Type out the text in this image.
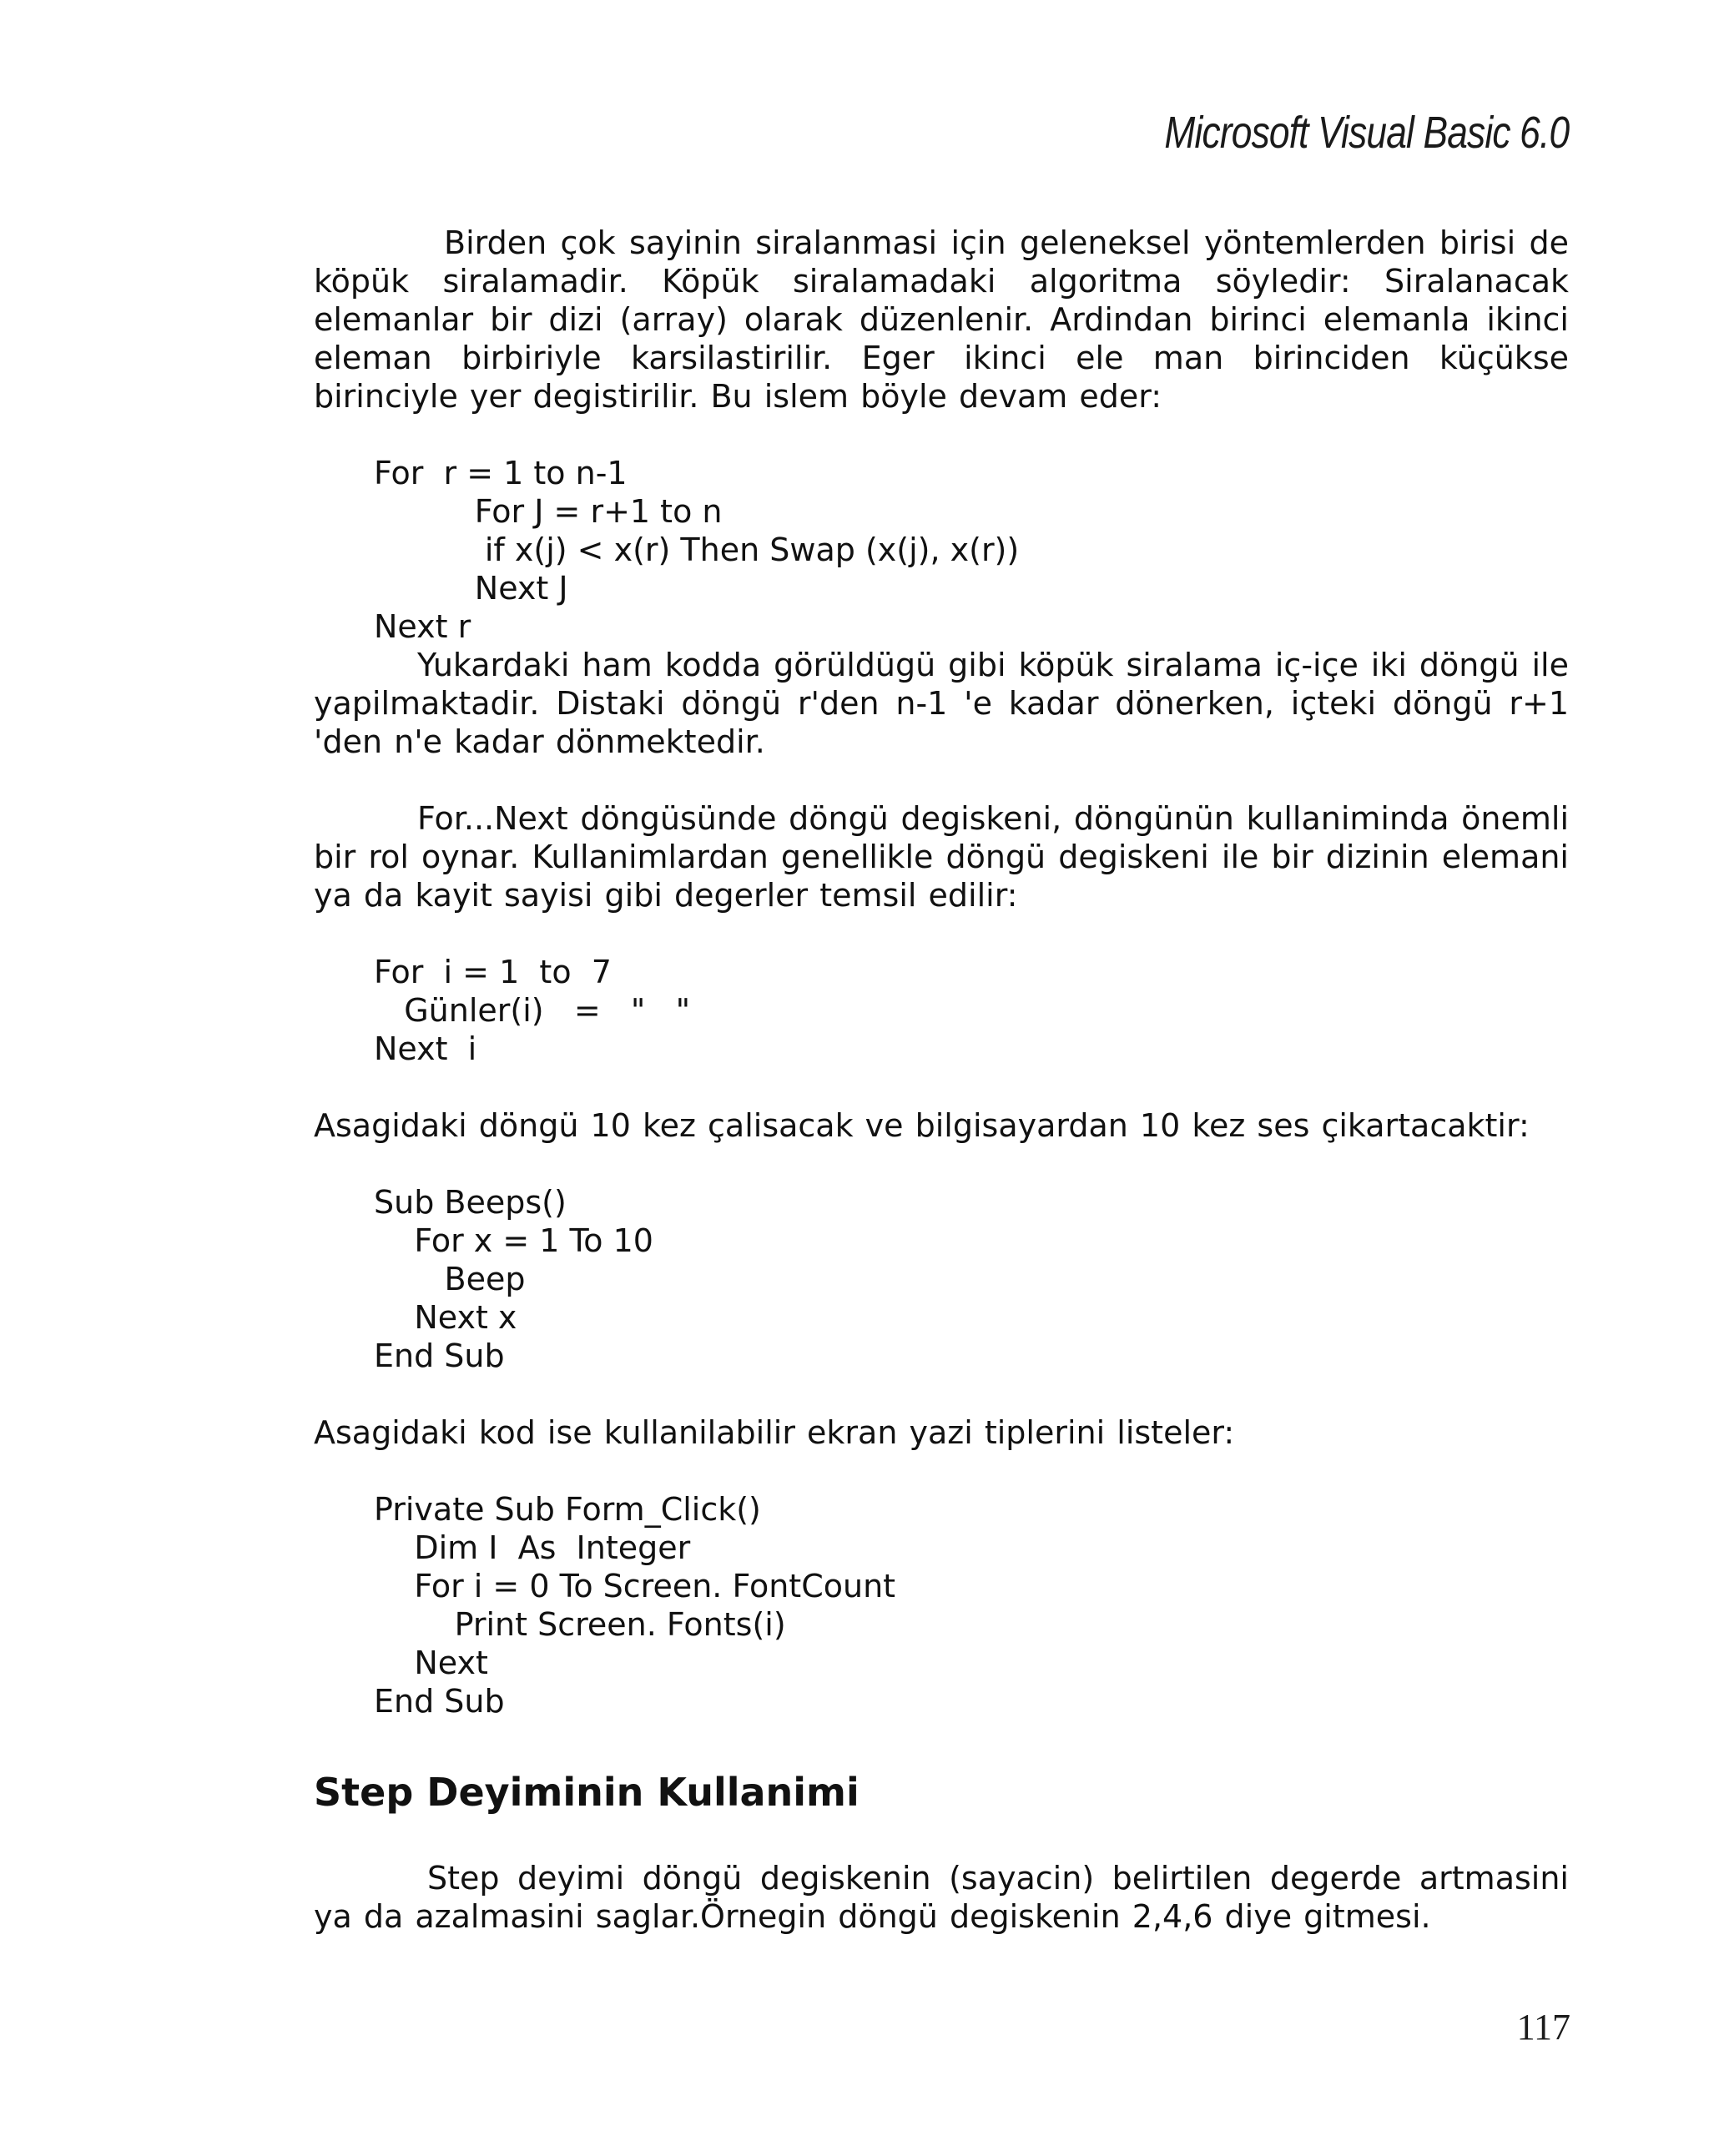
Microsoft Visual Basic 6.0

Birden çok sayinin siralanmasi için geleneksel yöntemlerden birisi de köpük siralamadir. Köpük siralamadaki algoritma söyledir: Siralanacak elemanlar bir dizi (array) olarak düzenlenir. Ardindan birinci elemanla ikinci eleman birbiriyle karsilastirilir. Eger ikinci ele man birinciden küçükse birinciyle yer degistirilir. Bu islem böyle devam eder:

For  r = 1 to n-1
For J = r+1 to n
if x(j) < x(r) Then Swap (x(j), x(r))
Next J
Next r

Yukardaki ham kodda görüldügü gibi köpük siralama iç-içe iki döngü ile yapilmaktadir. Distaki döngü r'den n-1 'e kadar dönerken, içteki döngü r+1 'den n'e kadar dönmektedir.

For...Next döngüsünde döngü degiskeni, döngünün kullaniminda önemli bir rol oynar. Kullanimlardan genellikle döngü degiskeni ile bir dizinin elemani ya da kayit sayisi gibi degerler temsil edilir:

For  i = 1  to  7
Günler(i)   =   "   "
Next  i

Asagidaki döngü 10 kez çalisacak ve bilgisayardan 10 kez ses çikartacaktir:

Sub Beeps()
For x = 1 To 10
Beep
Next x
End Sub

Asagidaki kod ise kullanilabilir ekran yazi tiplerini listeler:

Private Sub Form_Click()
Dim I  As  Integer
For i = 0 To Screen. FontCount
Print Screen. Fonts(i)
Next
End Sub
Step Deyiminin Kullanimi

Step deyimi döngü degiskenin (sayacin) belirtilen degerde artmasini ya da azalmasini saglar.Örnegin döngü degiskenin 2,4,6 diye gitmesi.

117
